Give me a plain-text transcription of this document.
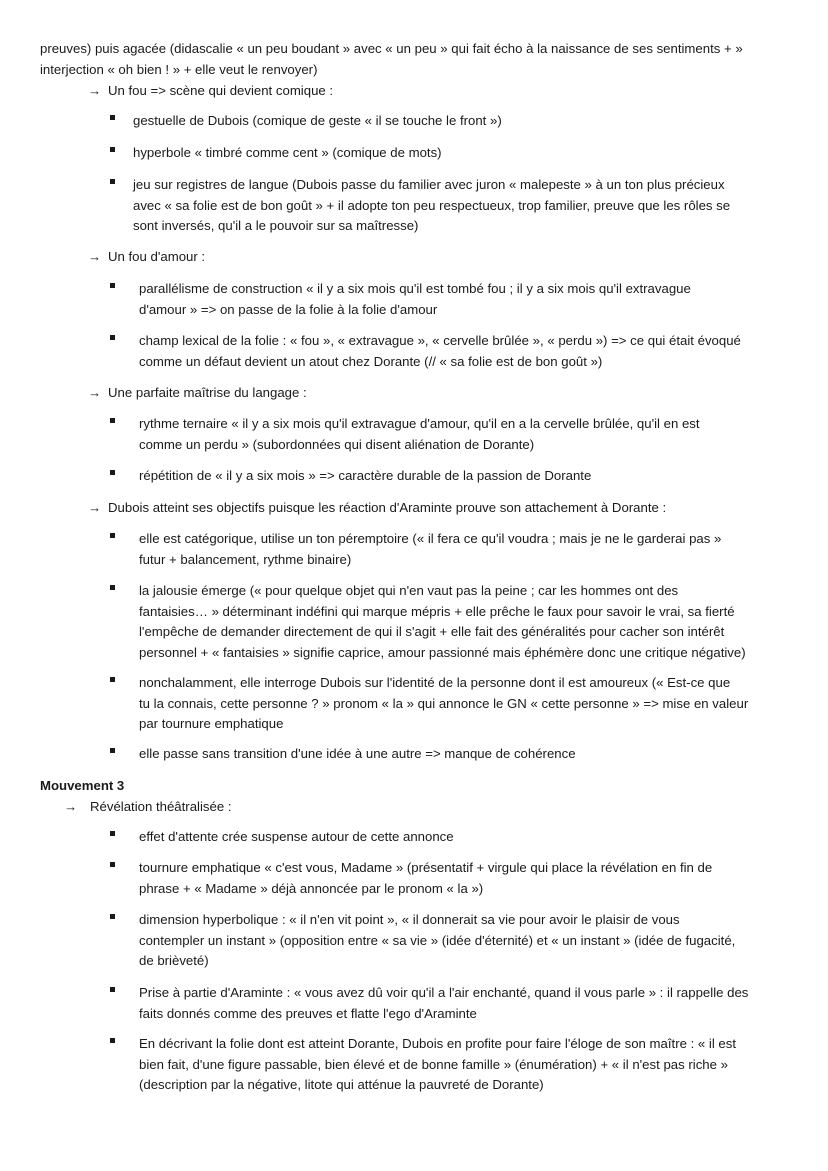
preuves) puis agacée (didascalie « un peu boudant » avec « un peu » qui fait écho à la naissance de ses sentiments + »
interjection « oh bien ! » + elle veut le renvoyer)
→ Un fou => scène qui devient comique :
gestuelle de Dubois (comique de geste « il se touche le front »)
hyperbole « timbré comme cent » (comique de mots)
jeu sur registres de langue (Dubois passe du familier avec juron « malepeste » à un ton plus précieux
avec « sa folie est de bon goût » + il adopte ton peu respectueux, trop familier, preuve que les rôles se
sont inversés, qu'il a le pouvoir sur sa maîtresse)
→ Un fou d'amour :
parallélisme de construction « il y a six mois qu'il est tombé fou ; il y a six mois qu'il extravague
d'amour » => on passe de la folie à la folie d'amour
champ lexical de la folie : « fou », « extravague », « cervelle brûlée », « perdu ») => ce qui était évoqué
comme un défaut devient un atout chez Dorante (// « sa folie est de bon goût »)
→ Une parfaite maîtrise du langage :
rythme ternaire « il y a six mois qu'il extravague d'amour, qu'il en a la cervelle brûlée, qu'il en est
comme un perdu » (subordonnées qui disent aliénation de Dorante)
répétition de « il y a six mois » => caractère durable de la passion de Dorante
→ Dubois atteint ses objectifs puisque les réaction d'Araminte prouve son attachement à Dorante :
elle est catégorique, utilise un ton péremptoire (« il fera ce qu'il voudra ; mais je ne le garderai pas »
futur + balancement, rythme binaire)
la jalousie émerge (« pour quelque objet qui n'en vaut pas la peine ; car les hommes ont des
fantaisies… » déterminant indéfini qui marque mépris + elle prêche le faux pour savoir le vrai, sa fierté
l'empêche de demander directement de qui il s'agit + elle fait des généralités pour cacher son intérêt
personnel + « fantaisies » signifie caprice, amour passionné mais éphémère donc une critique négative)
nonchalamment, elle interroge Dubois sur l'identité de la personne dont il est amoureux (« Est-ce que
tu la connais, cette personne ? » pronom « la » qui annonce le GN « cette personne » => mise en valeur
par tournure emphatique
elle passe sans transition d'une idée à une autre => manque de cohérence
Mouvement 3
→ Révélation théâtralisée :
effet d'attente crée suspense autour de cette annonce
tournure emphatique « c'est vous, Madame » (présentatif + virgule qui place la révélation en fin de
phrase + « Madame » déjà annoncée par le pronom « la »)
dimension hyperbolique : « il n'en vit point », « il donnerait sa vie pour avoir le plaisir de vous
contempler un instant » (opposition entre « sa vie » (idée d'éternité) et « un instant » (idée de fugacité,
de brièveté)
Prise à partie d'Araminte : « vous avez dû voir qu'il a l'air enchanté, quand il vous parle » : il rappelle des
faits donnés comme des preuves et flatte l'ego d'Araminte
En décrivant la folie dont est atteint Dorante, Dubois en profite pour faire l'éloge de son maître : « il est
bien fait, d'une figure passable, bien élevé et de bonne famille » (énumération) + « il n'est pas riche »
(description par la négative, litote qui atténue la pauvreté de Dorante)
